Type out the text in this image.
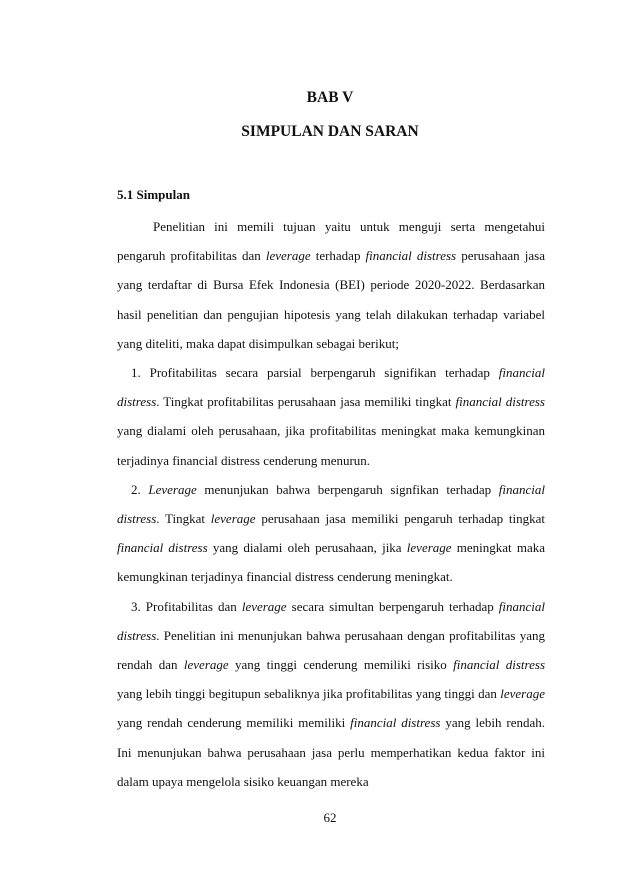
BAB V
SIMPULAN DAN SARAN
5.1 Simpulan

Penelitian ini memili tujuan yaitu untuk menguji serta mengetahui pengaruh profitabilitas dan leverage terhadap financial distress perusahaan jasa yang terdaftar di Bursa Efek Indonesia (BEI) periode 2020-2022. Berdasarkan hasil penelitian dan pengujian hipotesis yang telah dilakukan terhadap variabel yang diteliti, maka dapat disimpulkan sebagai berikut;

1. Profitabilitas secara parsial berpengaruh signifikan terhadap financial distress. Tingkat profitabilitas perusahaan jasa memiliki tingkat financial distress yang dialami oleh perusahaan, jika profitabilitas meningkat maka kemungkinan terjadinya financial distress cenderung menurun.

2. Leverage menunjukan bahwa berpengaruh signfikan terhadap financial distress. Tingkat leverage perusahaan jasa memiliki pengaruh terhadap tingkat financial distress yang dialami oleh perusahaan, jika leverage meningkat maka kemungkinan terjadinya financial distress cenderung meningkat.

3. Profitabilitas dan leverage secara simultan berpengaruh terhadap financial distress. Penelitian ini menunjukan bahwa perusahaan dengan profitabilitas yang rendah dan leverage yang tinggi cenderung memiliki risiko financial distress yang lebih tinggi begitupun sebaliknya jika profitabilitas yang tinggi dan leverage yang rendah cenderung memiliki memiliki financial distress yang lebih rendah. Ini menunjukan bahwa perusahaan jasa perlu memperhatikan kedua faktor ini dalam upaya mengelola sisiko keuangan mereka

62
